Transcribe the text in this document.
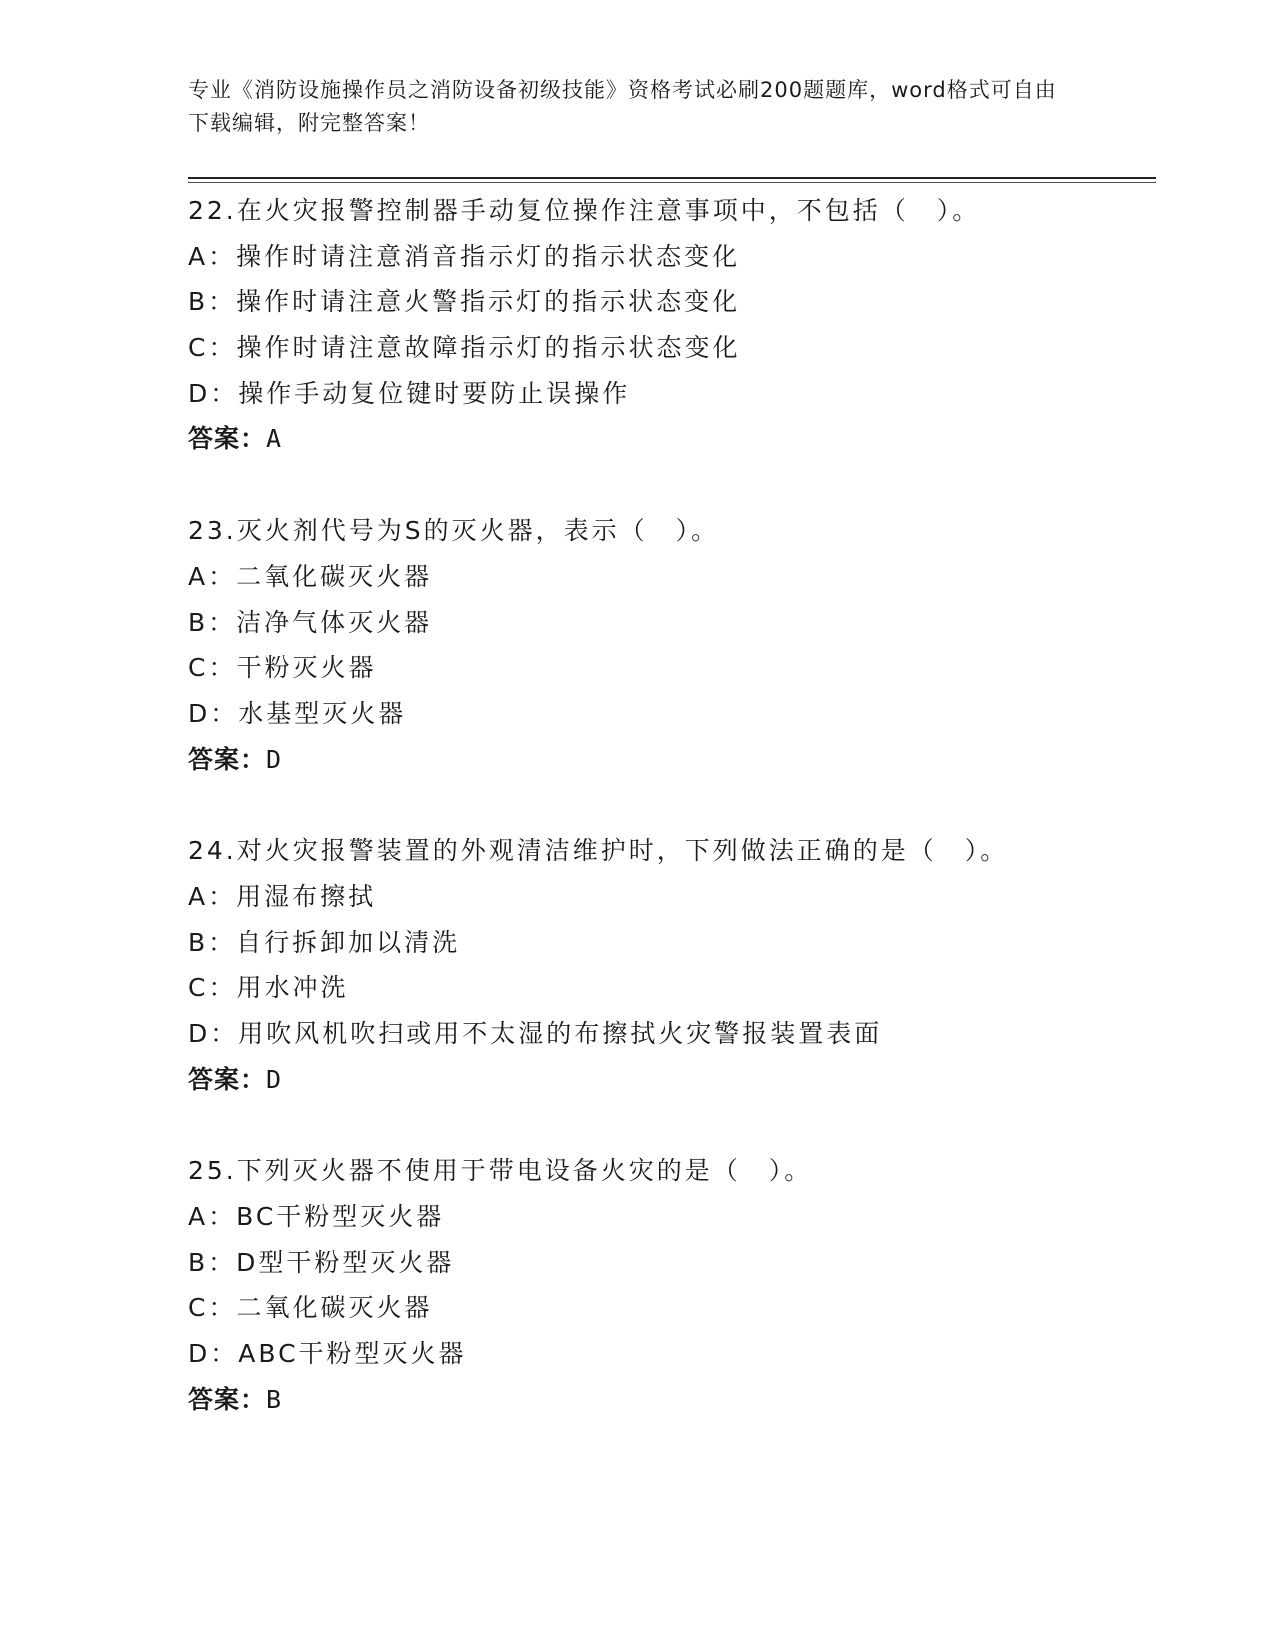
专业《消防设施操作员之消防设备初级技能》资格考试必刷200题题库，word格式可自由下载编辑，附完整答案！
22.在火灾报警控制器手动复位操作注意事项中，不包括（　）。
A：操作时请注意消音指示灯的指示状态变化
B：操作时请注意火警指示灯的指示状态变化
C：操作时请注意故障指示灯的指示状态变化
D：操作手动复位键时要防止误操作
答案：A
23.灭火剂代号为S的灭火器，表示（　）。
A：二氧化碳灭火器
B：洁净气体灭火器
C：干粉灭火器
D：水基型灭火器
答案：D
24.对火灾报警装置的外观清洁维护时，下列做法正确的是（　）。
A：用湿布擦拭
B：自行拆卸加以清洗
C：用水冲洗
D：用吹风机吹扫或用不太湿的布擦拭火灾警报装置表面
答案：D
25.下列灭火器不使用于带电设备火灾的是（　）。
A：BC干粉型灭火器
B：D型干粉型灭火器
C：二氧化碳灭火器
D：ABC干粉型灭火器
答案：B
